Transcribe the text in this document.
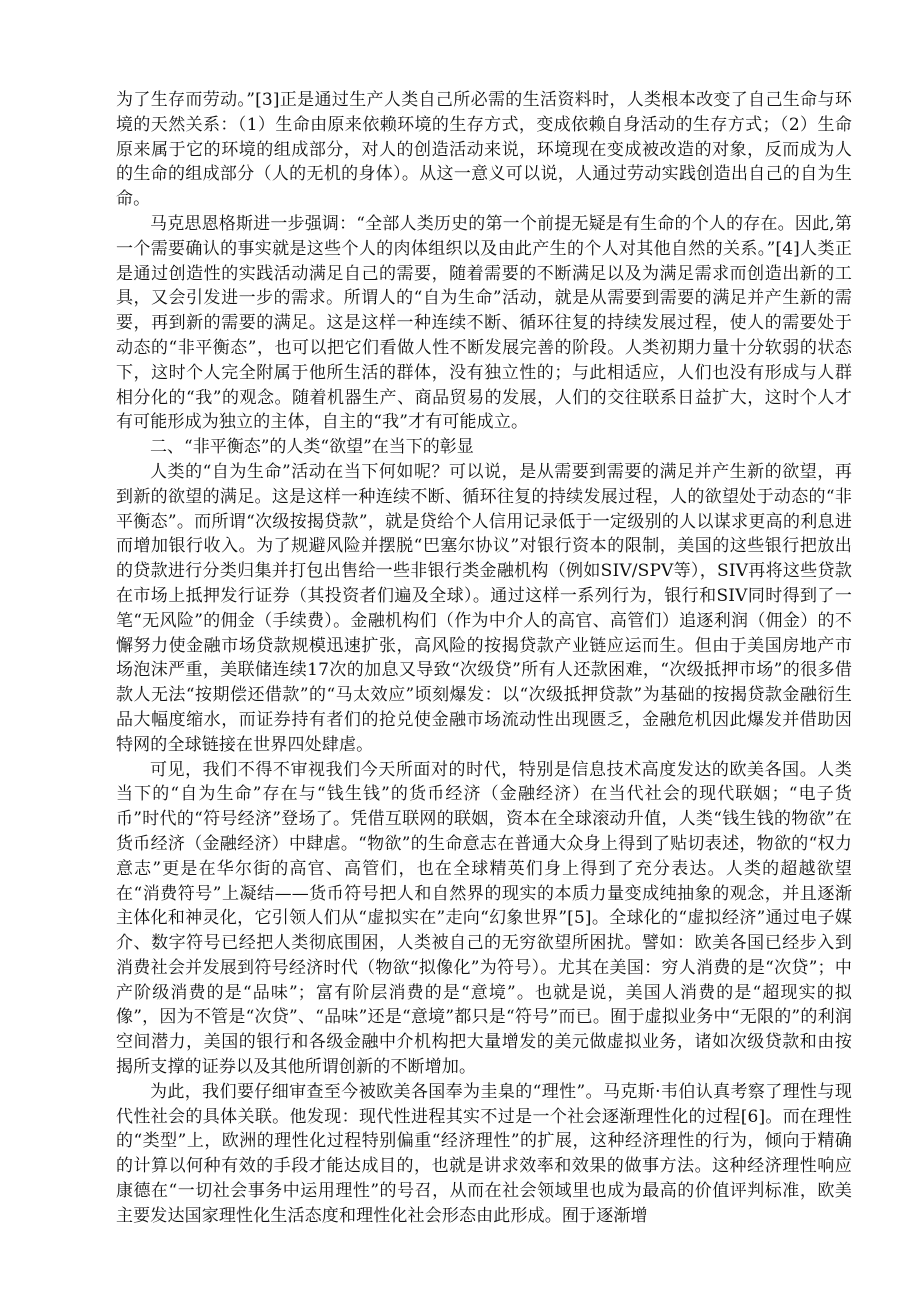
为了生存而劳动。”[3]正是通过生产人类自己所必需的生活资料时，人类根本改变了自己生命与环境的天然关系：（1）生命由原来依赖环境的生存方式，变成依赖自身活动的生存方式；（2）生命原来属于它的环境的组成部分，对人的创造活动来说，环境现在变成被改造的对象，反而成为人的生命的组成部分（人的无机的身体）。从这一意义可以说，人通过劳动实践创造出自己的自为生命。

马克思恩格斯进一步强调：“全部人类历史的第一个前提无疑是有生命的个人的存在。因此,第一个需要确认的事实就是这些个人的肉体组织以及由此产生的个人对其他自然的关系。”[4]人类正是通过创造性的实践活动满足自己的需要，随着需要的不断满足以及为满足需求而创造出新的工具，又会引发进一步的需求。所谓人的“自为生命”活动，就是从需要到需要的满足并产生新的需要，再到新的需要的满足。这是这样一种连续不断、循环往复的持续发展过程，使人的需要处于动态的“非平衡态”，也可以把它们看做人性不断发展完善的阶段。人类初期力量十分软弱的状态下，这时个人完全附属于他所生活的群体，没有独立性的；与此相适应，人们也没有形成与人群相分化的“我”的观念。随着机器生产、商品贸易的发展，人们的交往联系日益扩大，这时个人才有可能形成为独立的主体，自主的“我”才有可能成立。

二、“非平衡态”的人类“欲望”在当下的彰显

人类的“自为生命”活动在当下何如呢？可以说，是从需要到需要的满足并产生新的欲望，再到新的欲望的满足。这是这样一种连续不断、循环往复的持续发展过程，人的欲望处于动态的“非平衡态”。而所谓“次级按揭贷款”，就是贷给个人信用记录低于一定级别的人以谋求更高的利息进而增加银行收入。为了规避风险并摆脱“巴塞尔协议”对银行资本的限制，美国的这些银行把放出的贷款进行分类归集并打包出售给一些非银行类金融机构（例如SIV/SPV等），SIV再将这些贷款在市场上抵押发行证券（其投资者们遍及全球）。通过这样一系列行为，银行和SIV同时得到了一笔“无风险”的佣金（手续费）。金融机构们（作为中介人的高官、高管们）追逐利润（佣金）的不懈努力使金融市场贷款规模迅速扩张，高风险的按揭贷款产业链应运而生。但由于美国房地产市场泡沫严重，美联储连续17次的加息又导致“次级贷”所有人还款困难，“次级抵押市场”的很多借款人无法“按期偿还借款”的“马太效应”顷刻爆发：以“次级抵押贷款”为基础的按揭贷款金融衍生品大幅度缩水，而证券持有者们的抢兑使金融市场流动性出现匮乏，金融危机因此爆发并借助因特网的全球链接在世界四处肆虐。

可见，我们不得不审视我们今天所面对的时代，特别是信息技术高度发达的欧美各国。人类当下的“自为生命”存在与“钱生钱”的货币经济（金融经济）在当代社会的现代联姻；“电子货币”时代的“符号经济”登场了。凭借互联网的联姻，资本在全球滚动升值，人类“钱生钱的物欲”在货币经济（金融经济）中肆虐。“物欲”的生命意志在普通大众身上得到了贴切表述，物欲的“权力意志”更是在华尔街的高官、高管们，也在全球精英们身上得到了充分表达。人类的超越欲望在“消费符号”上凝结——货币符号把人和自然界的现实的本质力量变成纯抽象的观念，并且逐渐主体化和神灵化，它引领人们从“虚拟实在”走向“幻象世界”[5]。全球化的“虚拟经济”通过电子媒介、数字符号已经把人类彻底围困，人类被自己的无穷欲望所困扰。譬如：欧美各国已经步入到消费社会并发展到符号经济时代（物欲“拟像化”为符号）。尤其在美国：穷人消费的是“次贷”；中产阶级消费的是“品味”；富有阶层消费的是“意境”。也就是说，美国人消费的是“超现实的拟像”，因为不管是“次贷”、“品味”还是“意境”都只是“符号”而已。囿于虚拟业务中“无限的”的利润空间潜力，美国的银行和各级金融中介机构把大量增发的美元做虚拟业务，诸如次级贷款和由按揭所支撑的证券以及其他所谓创新的不断增加。

为此，我们要仔细审查至今被欧美各国奉为圭臬的“理性”。马克斯·韦伯认真考察了理性与现代性社会的具体关联。他发现：现代性进程其实不过是一个社会逐渐理性化的过程[6]。而在理性的“类型”上，欧洲的理性化过程特别偏重“经济理性”的扩展，这种经济理性的行为，倾向于精确的计算以何种有效的手段才能达成目的，也就是讲求效率和效果的做事方法。这种经济理性响应康德在“一切社会事务中运用理性”的号召，从而在社会领域里也成为最高的价值评判标准，欧美主要发达国家理性化生活态度和理性化社会形态由此形成。囿于逐渐增
